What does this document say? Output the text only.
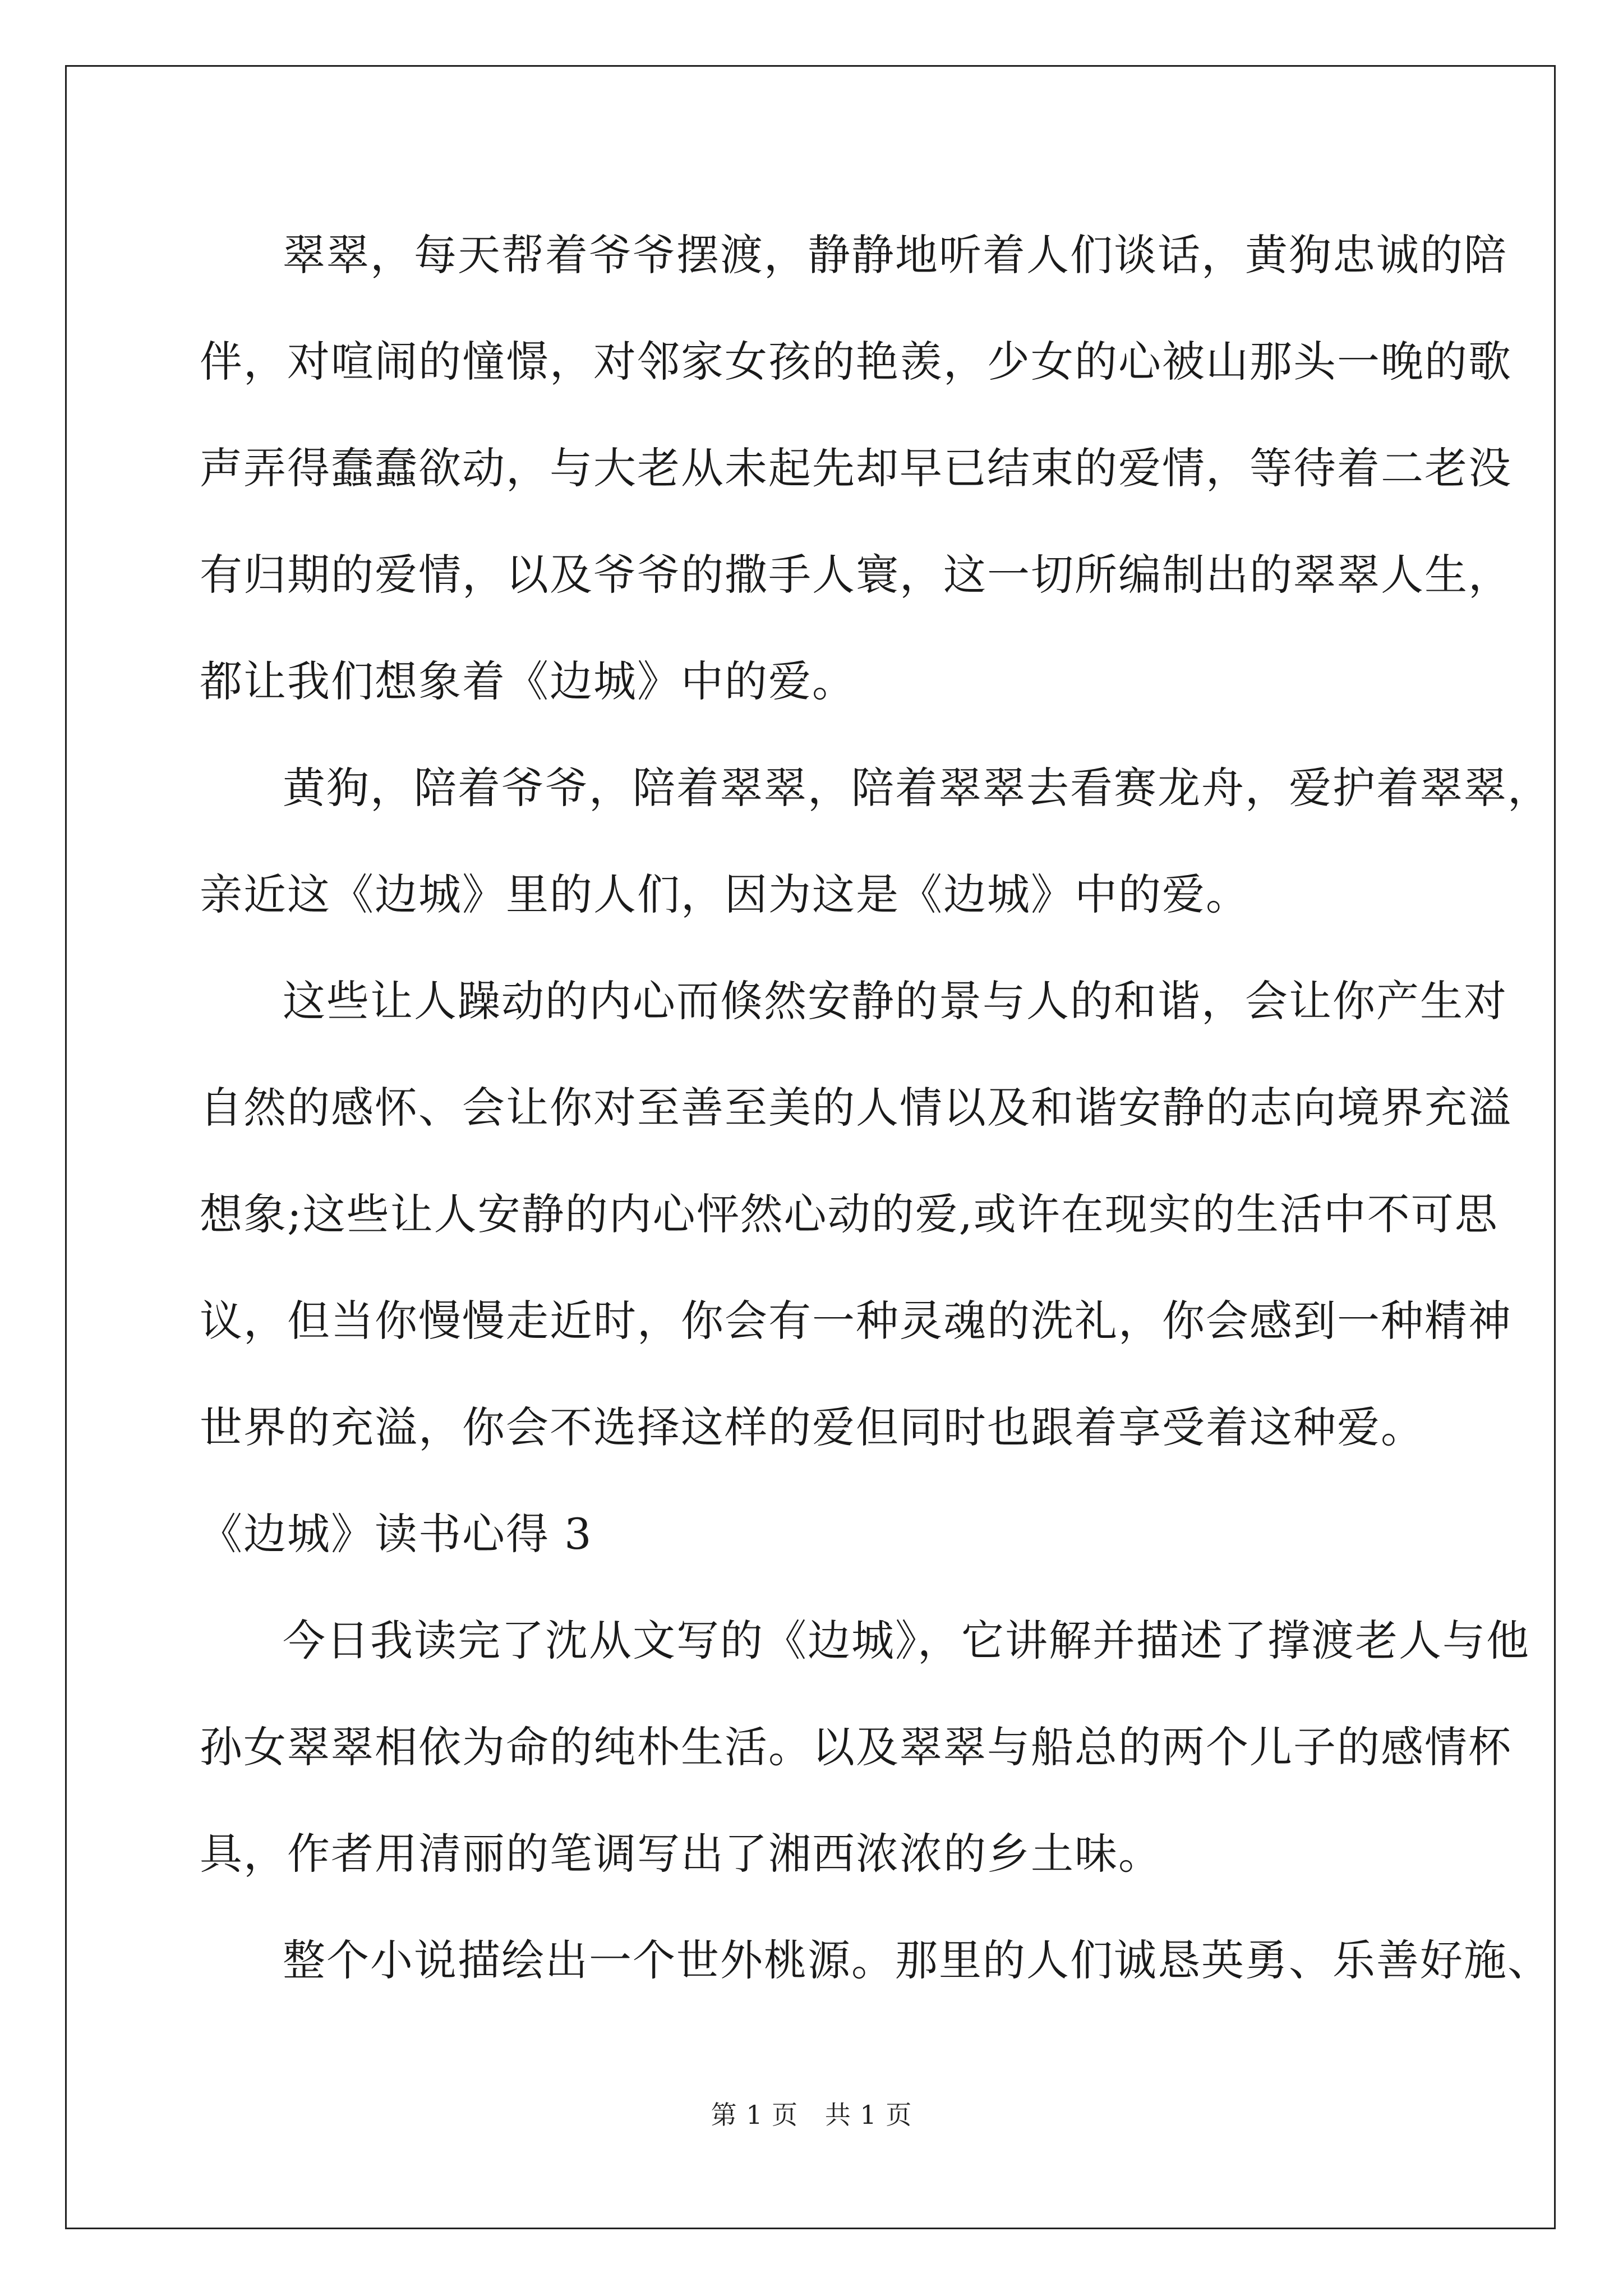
翠翠，每天帮着爷爷摆渡，静静地听着人们谈话，黄狗忠诚的陪
伴，对喧闹的憧憬，对邻家女孩的艳羡，少女的心被山那头一晚的歌
声弄得蠢蠢欲动，与大老从未起先却早已结束的爱情，等待着二老没
有归期的爱情，以及爷爷的撒手人寰，这一切所编制出的翠翠人生，
都让我们想象着《边城》中的爱。
黄狗，陪着爷爷，陪着翠翠，陪着翠翠去看赛龙舟，爱护着翠翠，
亲近这《边城》里的人们，因为这是《边城》中的爱。
这些让人躁动的内心而倏然安静的景与人的和谐，会让你产生对
自然的感怀、会让你对至善至美的人情以及和谐安静的志向境界充溢
想象;这些让人安静的内心怦然心动的爱,或许在现实的生活中不可思
议，但当你慢慢走近时，你会有一种灵魂的洗礼，你会感到一种精神
世界的充溢，你会不选择这样的爱但同时也跟着享受着这种爱。
《边城》读书心得 3
今日我读完了沈从文写的《边城》，它讲解并描述了撑渡老人与他
孙女翠翠相依为命的纯朴生活。以及翠翠与船总的两个儿子的感情杯
具，作者用清丽的笔调写出了湘西浓浓的乡土味。
整个小说描绘出一个世外桃源。那里的人们诚恳英勇、乐善好施、
第 1 页 共 1 页
